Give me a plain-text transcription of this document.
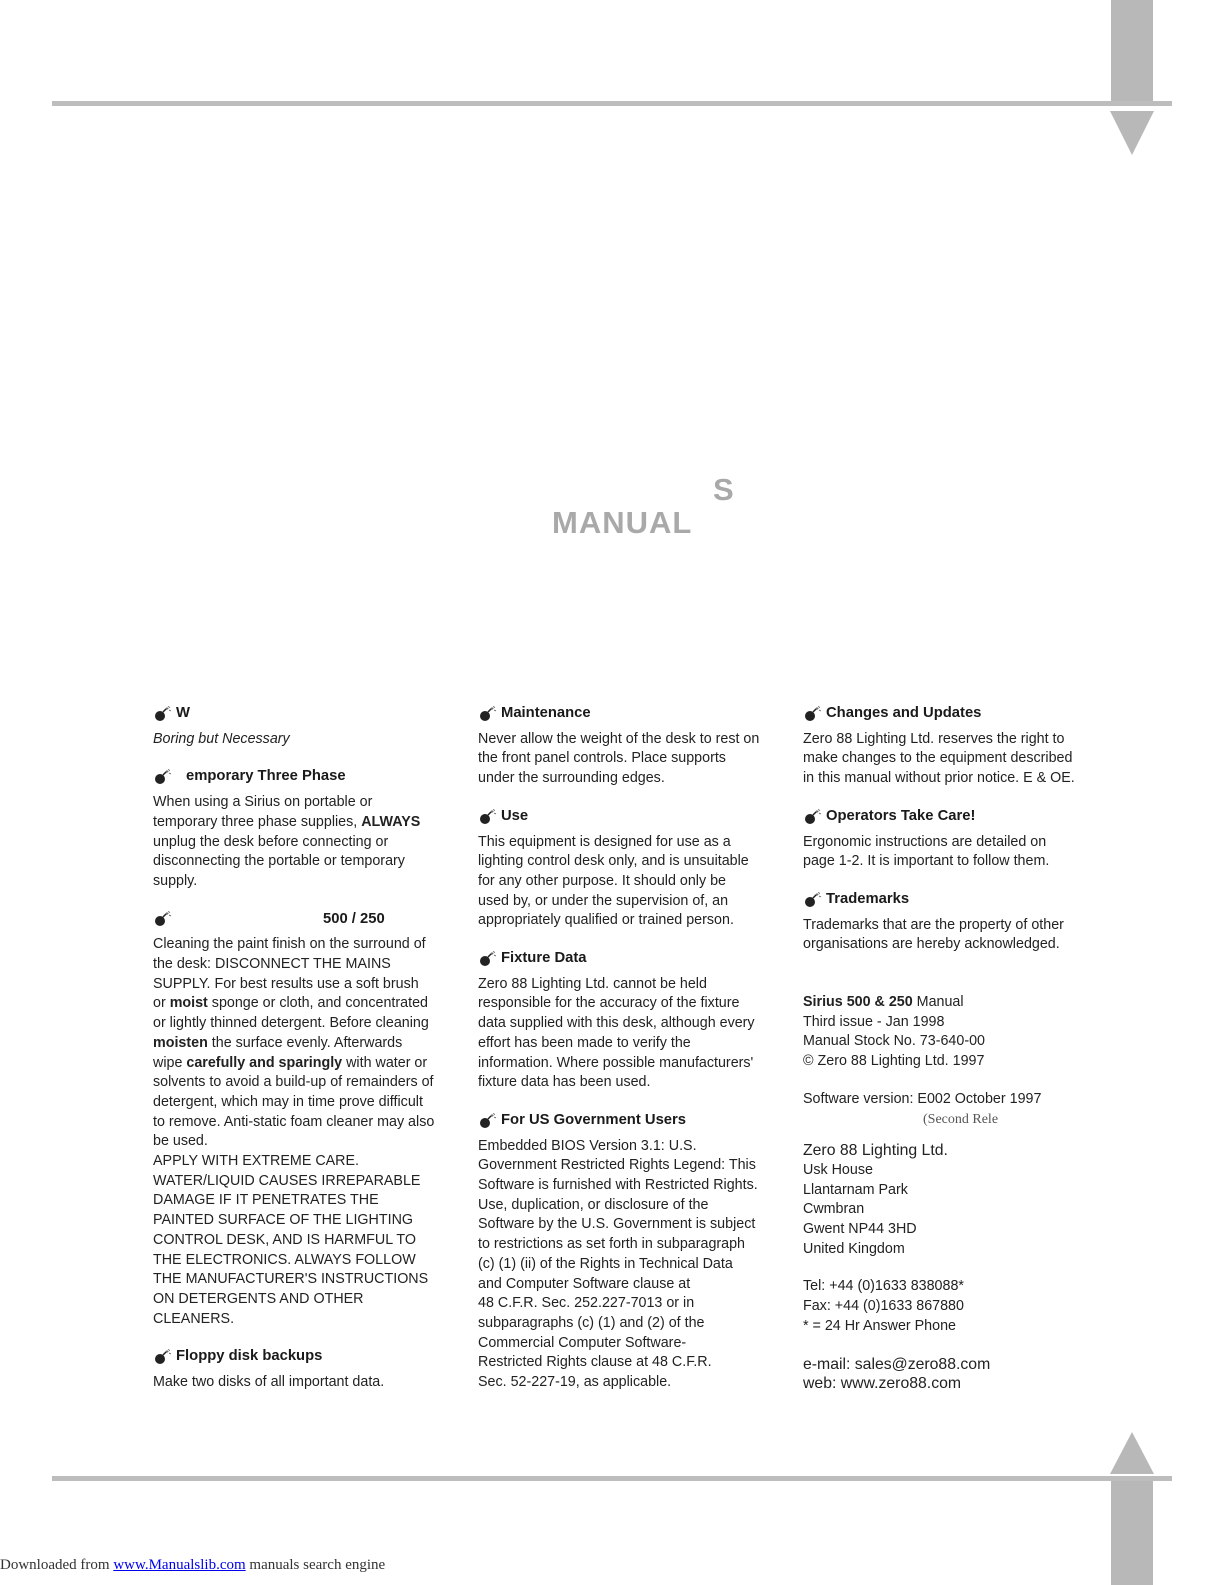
S
MANUAL
W
Boring but Necessary
emporary Three Phase
When using a Sirius on portable or
temporary three phase supplies, ALWAYS
unplug the desk before connecting or
disconnecting the portable or temporary
supply.
500 / 250
Cleaning the paint finish on the surround of
the desk: DISCONNECT THE MAINS
SUPPLY. For best results use a soft brush
or moist sponge or cloth, and concentrated
or lightly thinned detergent. Before cleaning
moisten the surface evenly. Afterwards
wipe carefully and sparingly with water or
solvents to avoid a build-up of remainders of
detergent, which may in time prove difficult
to remove. Anti-static foam cleaner may also
be used.
APPLY WITH EXTREME CARE.
WATER/LIQUID CAUSES IRREPARABLE
DAMAGE IF IT PENETRATES THE
PAINTED SURFACE OF THE LIGHTING
CONTROL DESK, AND IS HARMFUL TO
THE ELECTRONICS. ALWAYS FOLLOW
THE MANUFACTURER'S INSTRUCTIONS
ON DETERGENTS AND OTHER
CLEANERS.
Floppy disk backups
Make two disks of all important data.
Maintenance
Never allow the weight of the desk to rest on
the front panel controls. Place supports
under the surrounding edges.
Use
This equipment is designed for use as a
lighting control desk only, and is unsuitable
for any other purpose. It should only be
used by, or under the supervision of, an
appropriately qualified or trained person.
Fixture Data
Zero 88 Lighting Ltd. cannot be held
responsible for the accuracy of the fixture
data supplied with this desk, although every
effort has been made to verify the
information. Where possible manufacturers'
fixture data has been used.
For US Government Users
Embedded BIOS Version 3.1: U.S.
Government Restricted Rights Legend: This
Software is furnished with Restricted Rights.
Use, duplication, or disclosure of the
Software by the U.S. Government is subject
to restrictions as set forth in subparagraph
(c) (1) (ii) of the Rights in Technical Data
and Computer Software clause at
48 C.F.R. Sec. 252.227-7013 or in
subparagraphs (c) (1) and (2) of the
Commercial Computer Software-
Restricted Rights clause at 48 C.F.R.
Sec. 52-227-19, as applicable.
Changes and Updates
Zero 88 Lighting Ltd. reserves the right to
make changes to the equipment described
in this manual without prior notice. E & OE.
Operators Take Care!
Ergonomic instructions are detailed on
page 1-2. It is important to follow them.
Trademarks
Trademarks that are the property of other
organisations are hereby acknowledged.
Sirius 500 & 250 Manual
Third issue - Jan 1998
Manual Stock No. 73-640-00
© Zero 88 Lighting Ltd. 1997
Software version: E002 October 1997
(Second Rele
Zero 88 Lighting Ltd.
Usk House
Llantarnam Park
Cwmbran
Gwent NP44 3HD
United Kingdom
Tel: +44 (0)1633 838088*
Fax: +44 (0)1633 867880
* = 24 Hr Answer Phone
e-mail: sales@zero88.com
web: www.zero88.com
Downloaded from www.Manualslib.com manuals search engine
